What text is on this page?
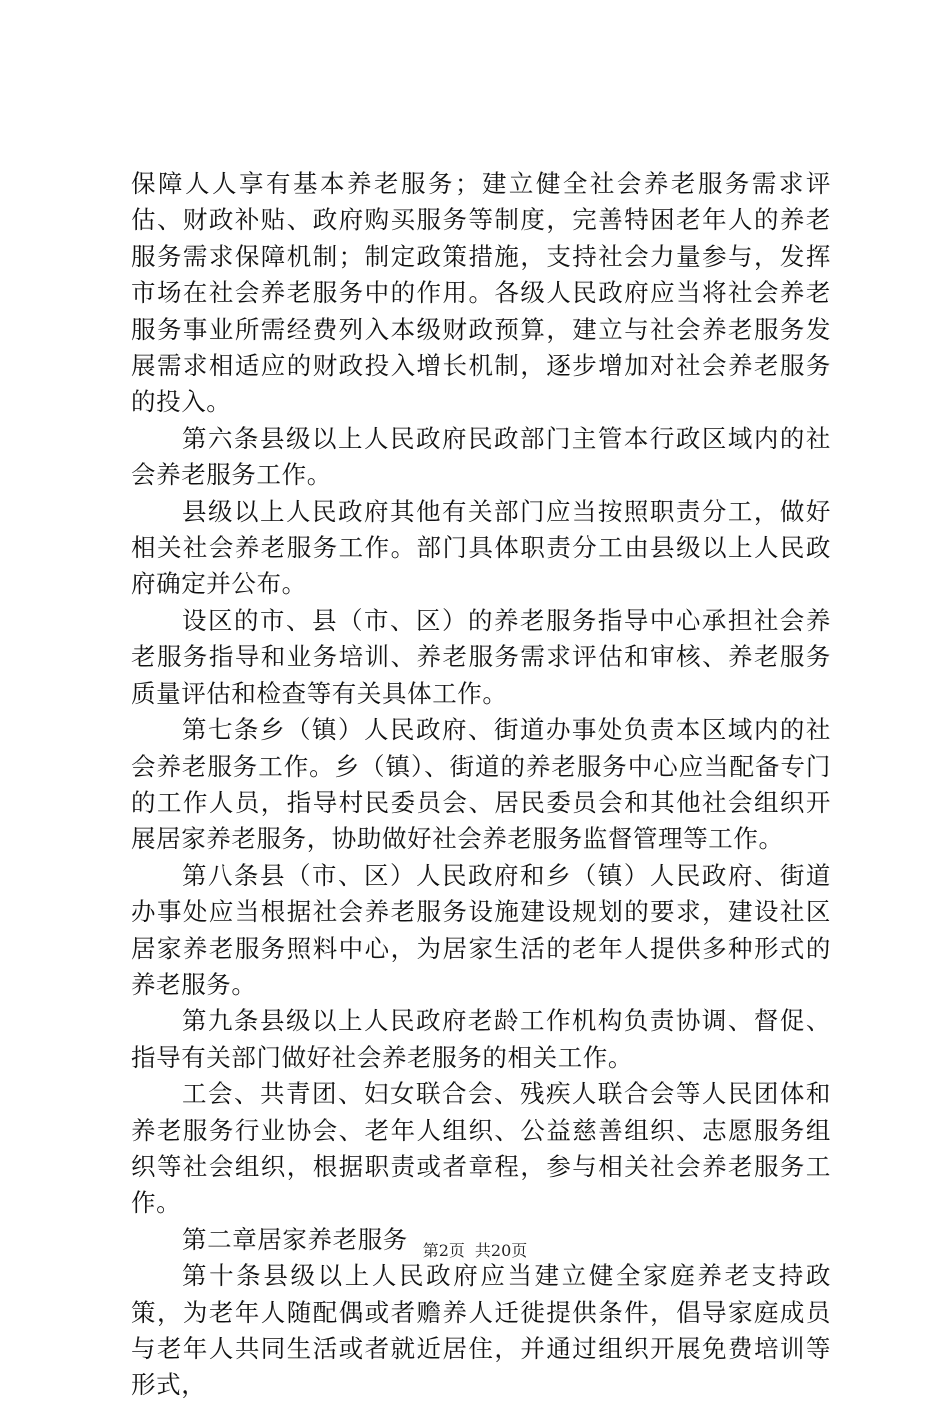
保障人人享有基本养老服务；建立健全社会养老服务需求评估、财政补贴、政府购买服务等制度，完善特困老年人的养老服务需求保障机制；制定政策措施，支持社会力量参与，发挥市场在社会养老服务中的作用。各级人民政府应当将社会养老服务事业所需经费列入本级财政预算，建立与社会养老服务发展需求相适应的财政投入增长机制，逐步增加对社会养老服务的投入。

第六条县级以上人民政府民政部门主管本行政区域内的社会养老服务工作。

县级以上人民政府其他有关部门应当按照职责分工，做好相关社会养老服务工作。部门具体职责分工由县级以上人民政府确定并公布。

设区的市、县（市、区）的养老服务指导中心承担社会养老服务指导和业务培训、养老服务需求评估和审核、养老服务质量评估和检查等有关具体工作。

第七条乡（镇）人民政府、街道办事处负责本区域内的社会养老服务工作。乡（镇）、街道的养老服务中心应当配备专门的工作人员，指导村民委员会、居民委员会和其他社会组织开展居家养老服务，协助做好社会养老服务监督管理等工作。

第八条县（市、区）人民政府和乡（镇）人民政府、街道办事处应当根据社会养老服务设施建设规划的要求，建设社区居家养老服务照料中心，为居家生活的老年人提供多种形式的养老服务。

第九条县级以上人民政府老龄工作机构负责协调、督促、指导有关部门做好社会养老服务的相关工作。

工会、共青团、妇女联合会、残疾人联合会等人民团体和养老服务行业协会、老年人组织、公益慈善组织、志愿服务组织等社会组织，根据职责或者章程，参与相关社会养老服务工作。

第二章居家养老服务

第十条县级以上人民政府应当建立健全家庭养老支持政策，为老年人随配偶或者赡养人迁徙提供条件，倡导家庭成员与老年人共同生活或者就近居住，并通过组织开展免费培训等形式，

第2页 共20页
